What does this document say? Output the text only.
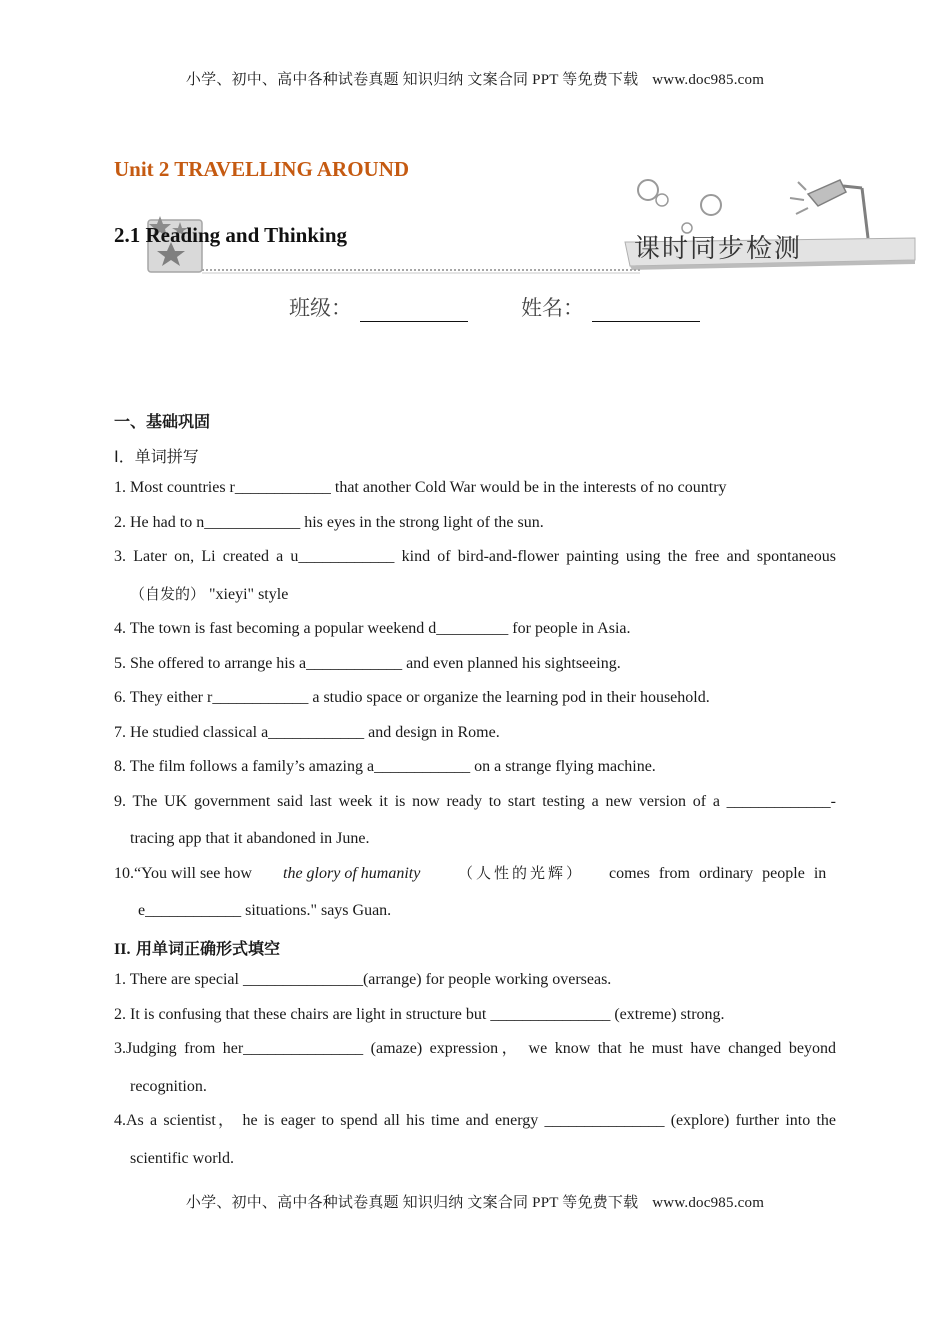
小学、初中、高中各种试卷真题 知识归纳 文案合同 PPT 等免费下载 www.doc985.com
Unit 2 TRAVELLING AROUND
2.1 Reading and Thinking	课时同步检测
班级：	姓名：
一、基础巩固
I．单词拼写
1. Most countries r____________ that another Cold War would be in the interests of no country
2. He had to n____________ his eyes in the strong light of the sun.
3. Later on, Li created a u____________ kind of bird-and-flower painting using the free and spontaneous
（自发的） "xieyi" style
4. The town is fast becoming a popular weekend d_________ for people in Asia.
5. She offered to arrange his a____________ and even planned his sightseeing.
6. They either r____________ a studio space or organize the learning pod in their household.
7. He studied classical a____________ and design in Rome.
8. The film follows a family’s amazing a____________ on a strange flying machine.
9. The UK government said last week it is now ready to start testing a new version of a _____________-
tracing app that it abandoned in June.
10.“You will see how the glory of humanity	（人性的光辉） comes from ordinary people in
e____________ situations." says Guan.
II. 用单词正确形式填空
1. There are special _______________(arrange) for people working overseas.
2. It is confusing that these chairs are light in structure but _______________ (extreme) strong.
3.Judging from her_______________ (amaze) expression， we know that he must have changed beyond
recognition.
4.As a scientist， he is eager to spend all his time and energy _______________ (explore) further into the
scientific world.
小学、初中、高中各种试卷真题 知识归纳 文案合同 PPT 等免费下载 www.doc985.com
